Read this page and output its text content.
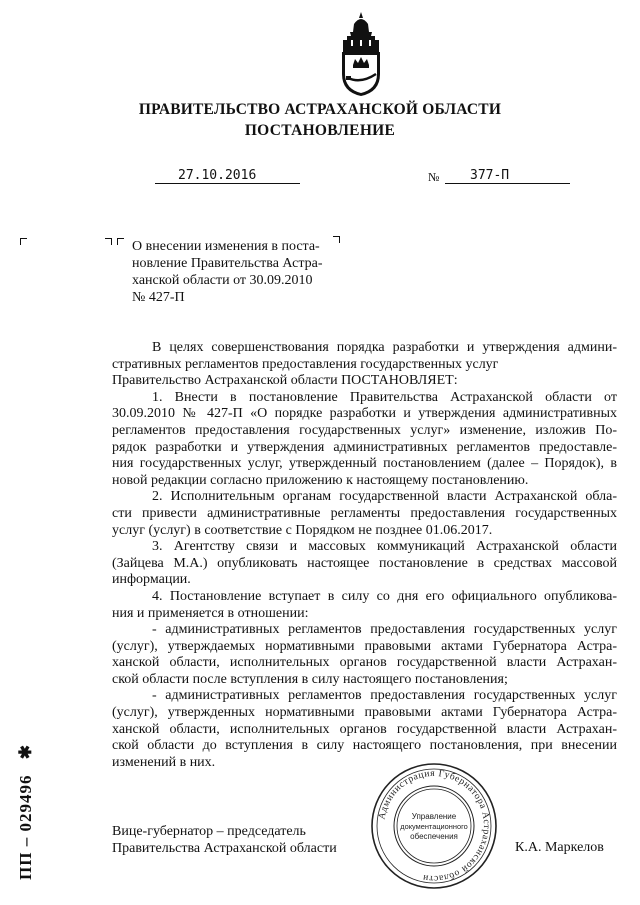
ПРАВИТЕЛЬСТВО АСТРАХАНСКОЙ ОБЛАСТИ
ПОСТАНОВЛЕНИЕ
27.10.2016	№ 377-П
О внесении изменения в поста-
новление Правительства Астра-
ханской области от 30.09.2010
№ 427-П
В целях совершенствования порядка разработки и утверждения админи-
стративных регламентов предоставления государственных услуг
Правительство Астраханской области ПОСТАНОВЛЯЕТ:
1. Внести в постановление Правительства Астраханской области от
30.09.2010 № 427-П «О порядке разработки и утверждения административных
регламентов предоставления государственных услуг» изменение, изложив По-
рядок разработки и утверждения административных регламентов предоставле-
ния государственных услуг, утвержденный постановлением (далее – Порядок), в
новой редакции согласно приложению к настоящему постановлению.
2. Исполнительным органам государственной власти Астраханской обла-
сти привести административные регламенты предоставления государственных
услуг (услуг) в соответствие с Порядком не позднее 01.06.2017.
3. Агентству связи и массовых коммуникаций Астраханской области
(Зайцева М.А.) опубликовать настоящее постановление в средствах массовой
информации.
4. Постановление вступает в силу со дня его официального опубликова-
ния и применяется в отношении:
- административных регламентов предоставления государственных услуг
(услуг), утверждаемых нормативными правовыми актами Губернатора Астра-
ханской области, исполнительных органов государственной власти Астрахан-
ской области после вступления в силу настоящего постановления;
- административных регламентов предоставления государственных услуг
(услуг), утвержденных нормативными правовыми актами Губернатора Астра-
ханской области, исполнительных органов государственной власти Астрахан-
ской области до вступления в силу настоящего постановления, при внесении
изменений в них.
Вице-губернатор – председатель
Правительства Астраханской области	К.А. Маркелов
Администрация Губернатора Астраханской области
Управление
документационного
обеспечения
ПП – 029496 ✱
